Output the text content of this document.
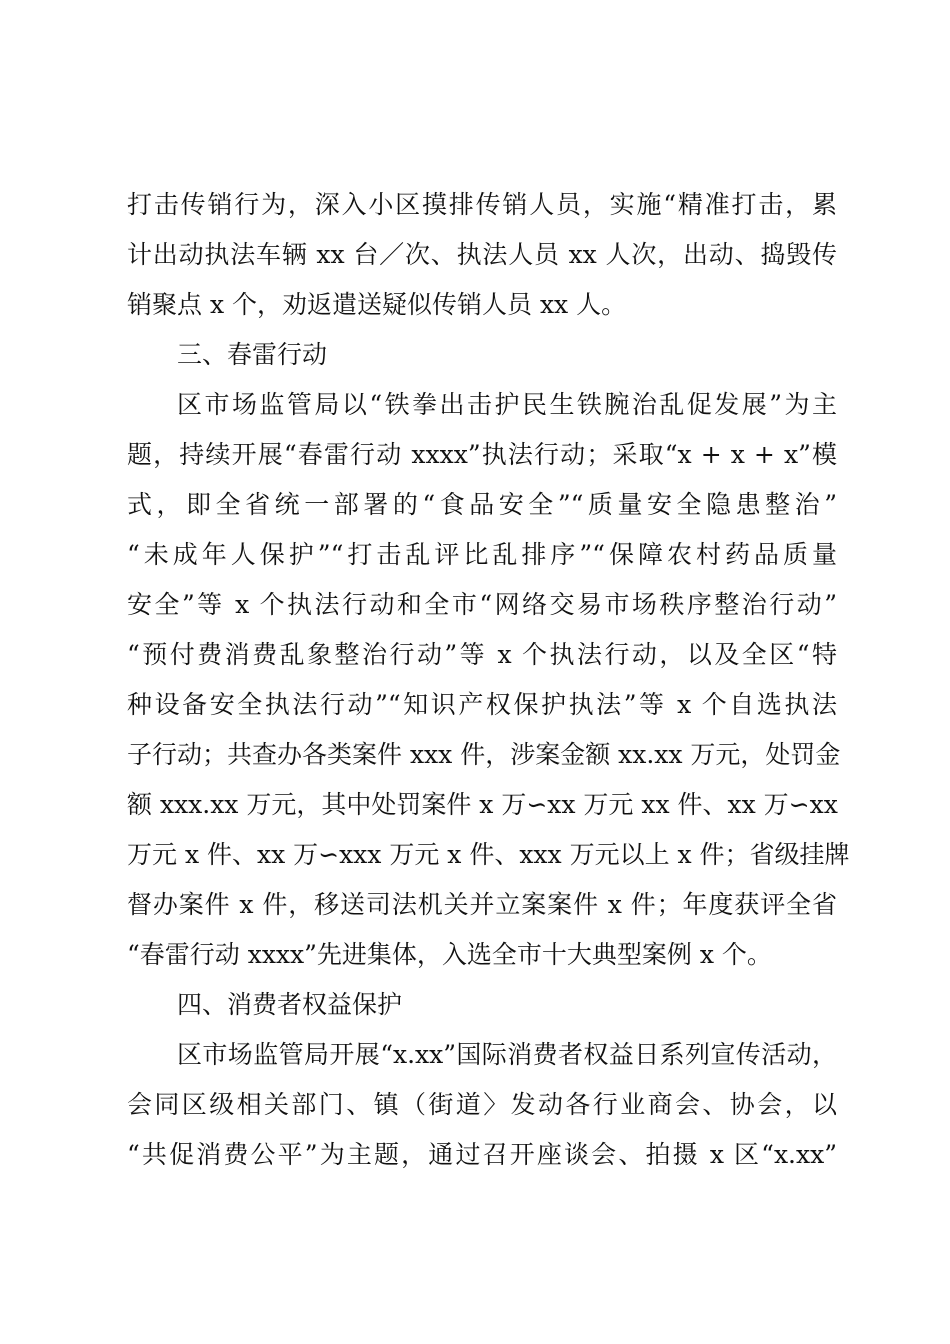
打击传销行为，深入小区摸排传销人员，实施“精准打击，累
计出动执法车辆 xx 台／次、执法人员 xx 人次，出动、捣毁传
销聚点 x 个，劝返遣送疑似传销人员 xx 人。
三、春雷行动
区市场监管局以“铁拳出击护民生铁腕治乱促发展”为主
题，持续开展“春雷行动 xxxx”执法行动；采取“x + x + x”模
式，即全省统一部署的“食品安全”“质量安全隐患整治”
“未成年人保护”“打击乱评比乱排序”“保障农村药品质量
安全”等 x 个执法行动和全市“网络交易市场秩序整治行动”
“预付费消费乱象整治行动”等 x 个执法行动，以及全区“特
种设备安全执法行动”“知识产权保护执法”等 x 个自选执法
子行动；共查办各类案件 xxx 件，涉案金额 xx.xx 万元，处罚金
额 xxx.xx 万元，其中处罚案件 x 万∽xx 万元 xx 件、xx 万∽xx
万元 x 件、xx 万∽xxx 万元 x 件、xxx 万元以上 x 件；省级挂牌
督办案件 x 件，移送司法机关并立案案件 x 件；年度获评全省
“春雷行动 xxxx”先进集体，入选全市十大典型案例 x 个。
四、消费者权益保护
区市场监管局开展“x.xx”国际消费者权益日系列宣传活动，
会同区级相关部门、镇（街道〉发动各行业商会、协会，以
“共促消费公平”为主题，通过召开座谈会、拍摄 x 区“x.xx”
